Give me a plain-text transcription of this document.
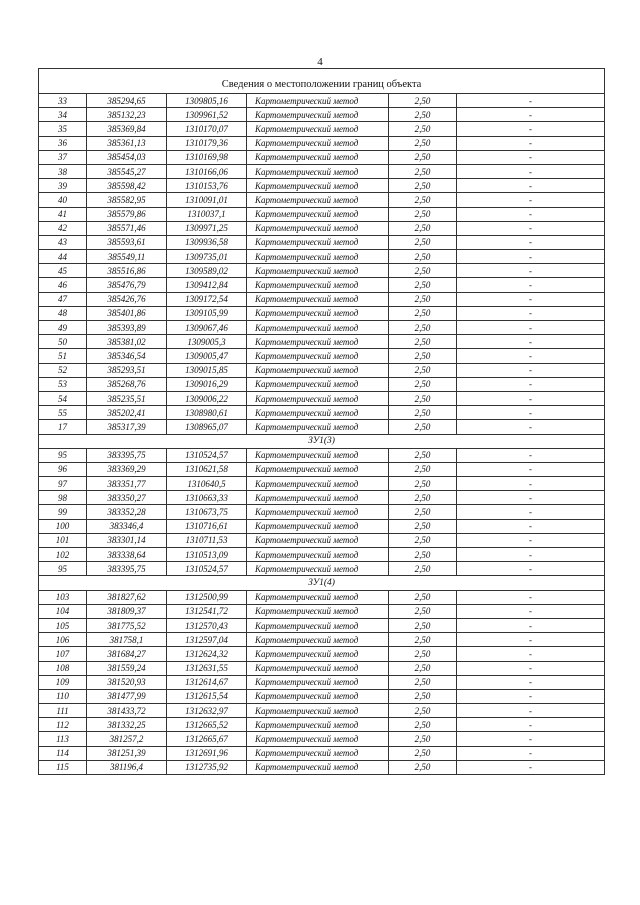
4
Сведения о местоположении границ объекта					
33	385294,65	1309805,16	Картометрический метод	2,50	-
34	385132,23	1309961,52	Картометрический метод	2,50	-
35	385369,84	1310170,07	Картометрический метод	2,50	-
36	385361,13	1310179,36	Картометрический метод	2,50	-
37	385454,03	1310169,98	Картометрический метод	2,50	-
38	385545,27	1310166,06	Картометрический метод	2,50	-
39	385598,42	1310153,76	Картометрический метод	2,50	-
40	385582,95	1310091,01	Картометрический метод	2,50	-
41	385579,86	1310037,1	Картометрический метод	2,50	-
42	385571,46	1309971,25	Картометрический метод	2,50	-
43	385593,61	1309936,58	Картометрический метод	2,50	-
44	385549,11	1309735,01	Картометрический метод	2,50	-
45	385516,86	1309589,02	Картометрический метод	2,50	-
46	385476,79	1309412,84	Картометрический метод	2,50	-
47	385426,76	1309172,54	Картометрический метод	2,50	-
48	385401,86	1309105,99	Картометрический метод	2,50	-
49	385393,89	1309067,46	Картометрический метод	2,50	-
50	385381,02	1309005,3	Картометрический метод	2,50	-
51	385346,54	1309005,47	Картометрический метод	2,50	-
52	385293,51	1309015,85	Картометрический метод	2,50	-
53	385268,76	1309016,29	Картометрический метод	2,50	-
54	385235,51	1309006,22	Картометрический метод	2,50	-
55	385202,41	1308980,61	Картометрический метод	2,50	-
17	385317,39	1308965,07	Картометрический метод	2,50	-
ЗУ1(3)					
95	383395,75	1310524,57	Картометрический метод	2,50	-
96	383369,29	1310621,58	Картометрический метод	2,50	-
97	383351,77	1310640,5	Картометрический метод	2,50	-
98	383350,27	1310663,33	Картометрический метод	2,50	-
99	383352,28	1310673,75	Картометрический метод	2,50	-
100	383346,4	1310716,61	Картометрический метод	2,50	-
101	383301,14	1310711,53	Картометрический метод	2,50	-
102	383338,64	1310513,09	Картометрический метод	2,50	-
95	383395,75	1310524,57	Картометрический метод	2,50	-
ЗУ1(4)					
103	381827,62	1312500,99	Картометрический метод	2,50	-
104	381809,37	1312541,72	Картометрический метод	2,50	-
105	381775,52	1312570,43	Картометрический метод	2,50	-
106	381758,1	1312597,04	Картометрический метод	2,50	-
107	381684,27	1312624,32	Картометрический метод	2,50	-
108	381559,24	1312631,55	Картометрический метод	2,50	-
109	381520,93	1312614,67	Картометрический метод	2,50	-
110	381477,99	1312615,54	Картометрический метод	2,50	-
111	381433,72	1312632,97	Картометрический метод	2,50	-
112	381332,25	1312665,52	Картометрический метод	2,50	-
113	381257,2	1312665,67	Картометрический метод	2,50	-
114	381251,39	1312691,96	Картометрический метод	2,50	-
115	381196,4	1312735,92	Картометрический метод	2,50	-
